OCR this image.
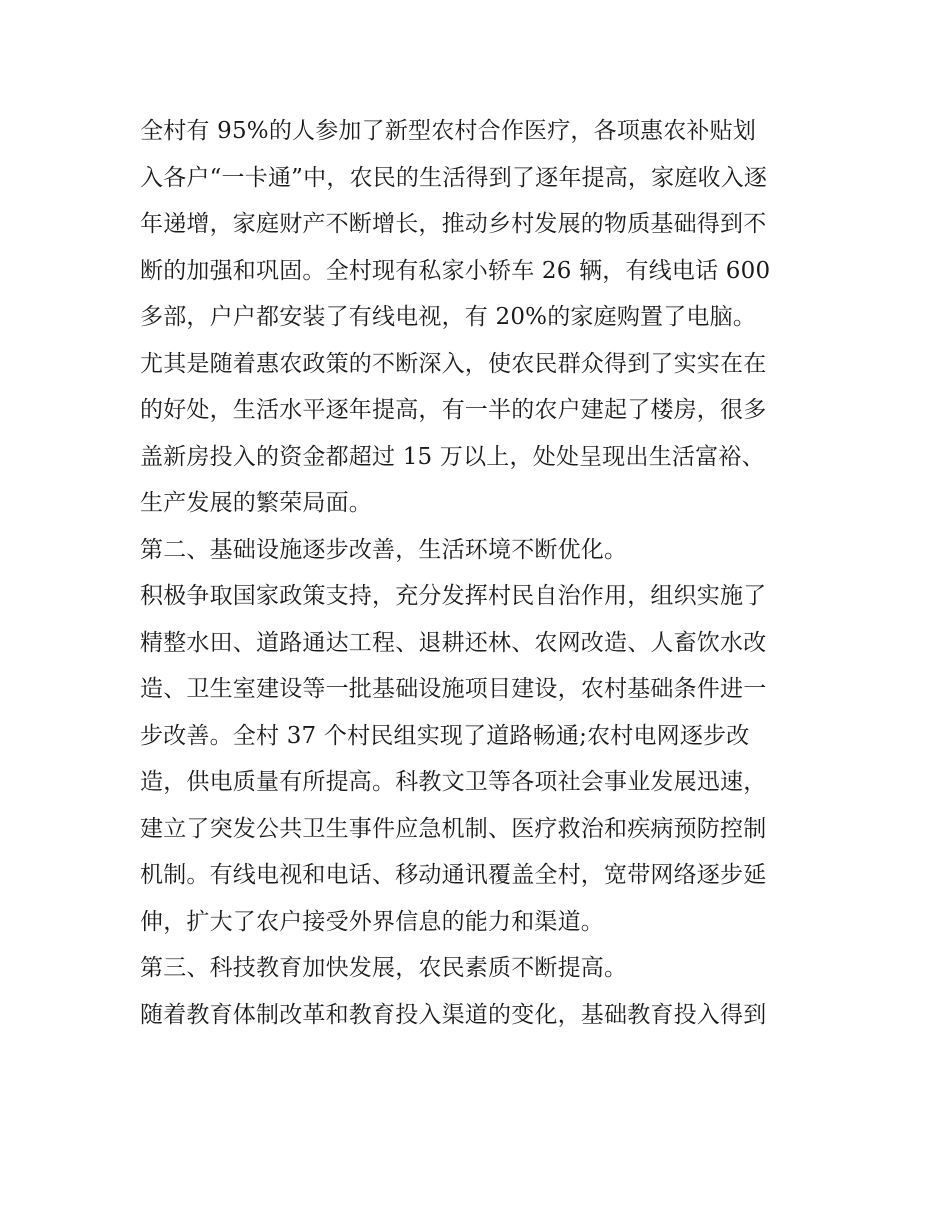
全村有 95%的人参加了新型农村合作医疗，各项惠农补贴划
入各户“一卡通”中，农民的生活得到了逐年提高，家庭收入逐
年递增，家庭财产不断增长，推动乡村发展的物质基础得到不
断的加强和巩固。全村现有私家小轿车 26 辆，有线电话 600
多部，户户都安装了有线电视，有 20%的家庭购置了电脑。
尤其是随着惠农政策的不断深入，使农民群众得到了实实在在
的好处，生活水平逐年提高，有一半的农户建起了楼房，很多
盖新房投入的资金都超过 15 万以上，处处呈现出生活富裕、
生产发展的繁荣局面。
第二、基础设施逐步改善，生活环境不断优化。
积极争取国家政策支持，充分发挥村民自治作用，组织实施了
精整水田、道路通达工程、退耕还林、农网改造、人畜饮水改
造、卫生室建设等一批基础设施项目建设，农村基础条件进一
步改善。全村 37 个村民组实现了道路畅通;农村电网逐步改
造，供电质量有所提高。科教文卫等各项社会事业发展迅速，
建立了突发公共卫生事件应急机制、医疗救治和疾病预防控制
机制。有线电视和电话、移动通讯覆盖全村，宽带网络逐步延
伸，扩大了农户接受外界信息的能力和渠道。
第三、科技教育加快发展，农民素质不断提高。
随着教育体制改革和教育投入渠道的变化，基础教育投入得到
